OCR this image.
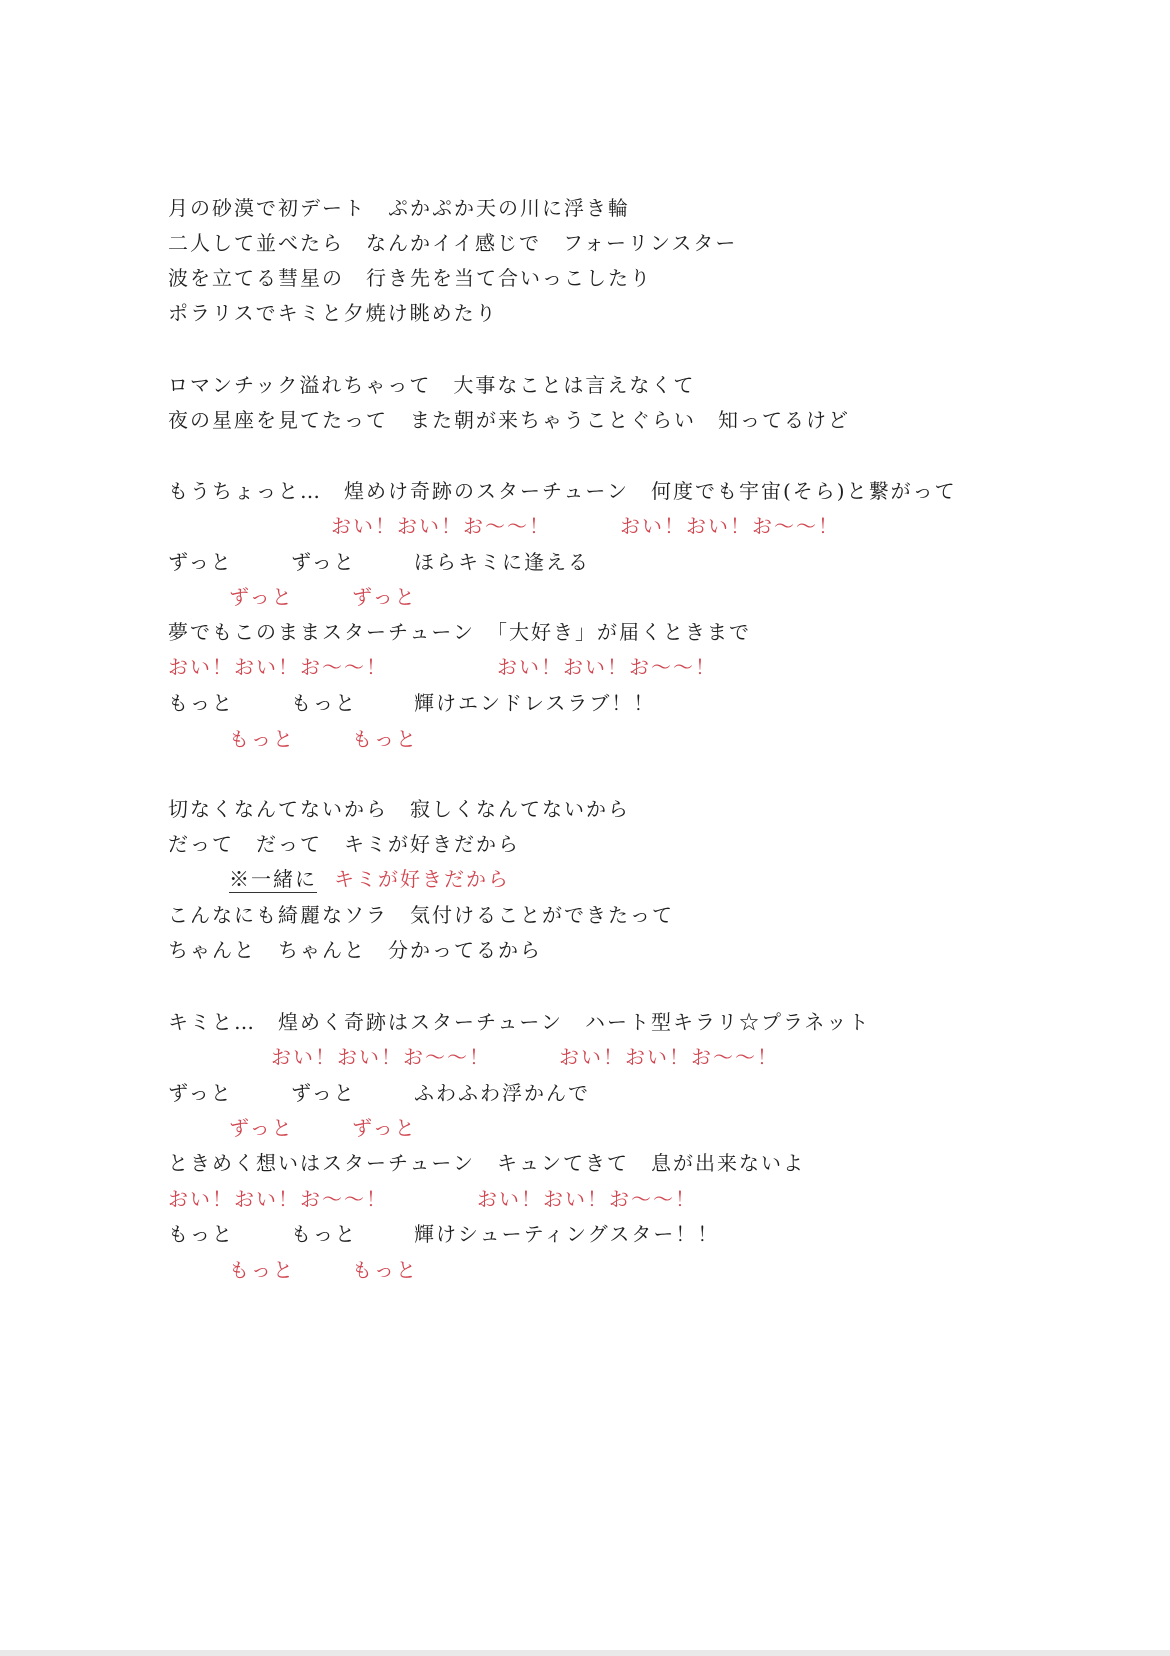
月の砂漠で初デート　ぷかぷか天の川に浮き輪
二人して並べたら　なんかイイ感じで　フォーリンスター
波を立てる彗星の　行き先を当て合いっこしたり
ポラリスでキミと夕焼け眺めたり
ロマンチック溢れちゃって　大事なことは言えなくて
夜の星座を見てたって　また朝が来ちゃうことぐらい　知ってるけど
もうちょっと…　煌めけ奇跡のスターチューン　何度でも宇宙(そら)と繋がって
おい！おい！お〜〜！	おい！おい！お〜〜！
ずっと	ずっと	ほらキミに逢える
ずっと	ずっと
夢でもこのままスターチューン　「大好き」が届くときまで
おい！おい！お〜〜！	おい！おい！お〜〜！
もっと	もっと	輝けエンドレスラブ！！
もっと	もっと
切なくなんてないから　寂しくなんてないから
だって　だって　キミが好きだから
※一緒に キミが好きだから
こんなにも綺麗なソラ　気付けることができたって
ちゃんと　ちゃんと　分かってるから
キミと…　煌めく奇跡はスターチューン　ハート型キラリ☆プラネット
おい！おい！お〜〜！	おい！おい！お〜〜！
ずっと	ずっと	ふわふわ浮かんで
ずっと	ずっと
ときめく想いはスターチューン　キュンてきて　息が出来ないよ
おい！おい！お〜〜！	おい！おい！お〜〜！
もっと	もっと	輝けシューティングスター！！
もっと	もっと
